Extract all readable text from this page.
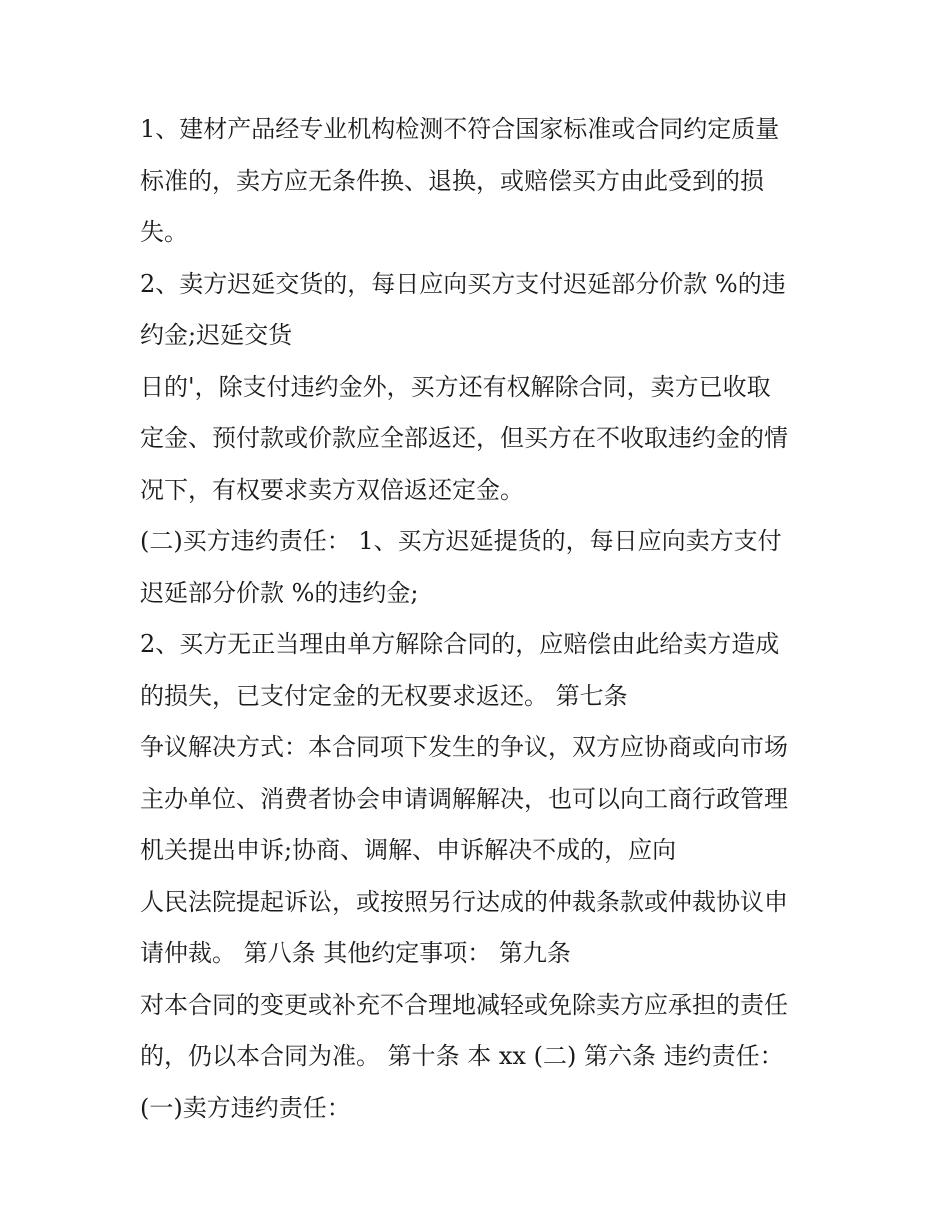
1、建材产品经专业机构检测不符合国家标准或合同约定质量
标准的，卖方应无条件换、退换，或赔偿买方由此受到的损
失。
2、卖方迟延交货的，每日应向买方支付迟延部分价款 %的违
约金;迟延交货
日的'，除支付违约金外，买方还有权解除合同，卖方已收取
定金、预付款或价款应全部返还，但买方在不收取违约金的情
况下，有权要求卖方双倍返还定金。
(二)买方违约责任： 1、买方迟延提货的，每日应向卖方支付
迟延部分价款 %的违约金;
2、买方无正当理由单方解除合同的，应赔偿由此给卖方造成
的损失，已支付定金的无权要求返还。 第七条
争议解决方式：本合同项下发生的争议，双方应协商或向市场
主办单位、消费者协会申请调解解决，也可以向工商行政管理
机关提出申诉;协商、调解、申诉解决不成的，应向
人民法院提起诉讼，或按照另行达成的仲裁条款或仲裁协议申
请仲裁。 第八条 其他约定事项： 第九条
对本合同的变更或补充不合理地减轻或免除卖方应承担的责任
的，仍以本合同为准。 第十条 本 xx (二) 第六条 违约责任：
(一)卖方违约责任：
